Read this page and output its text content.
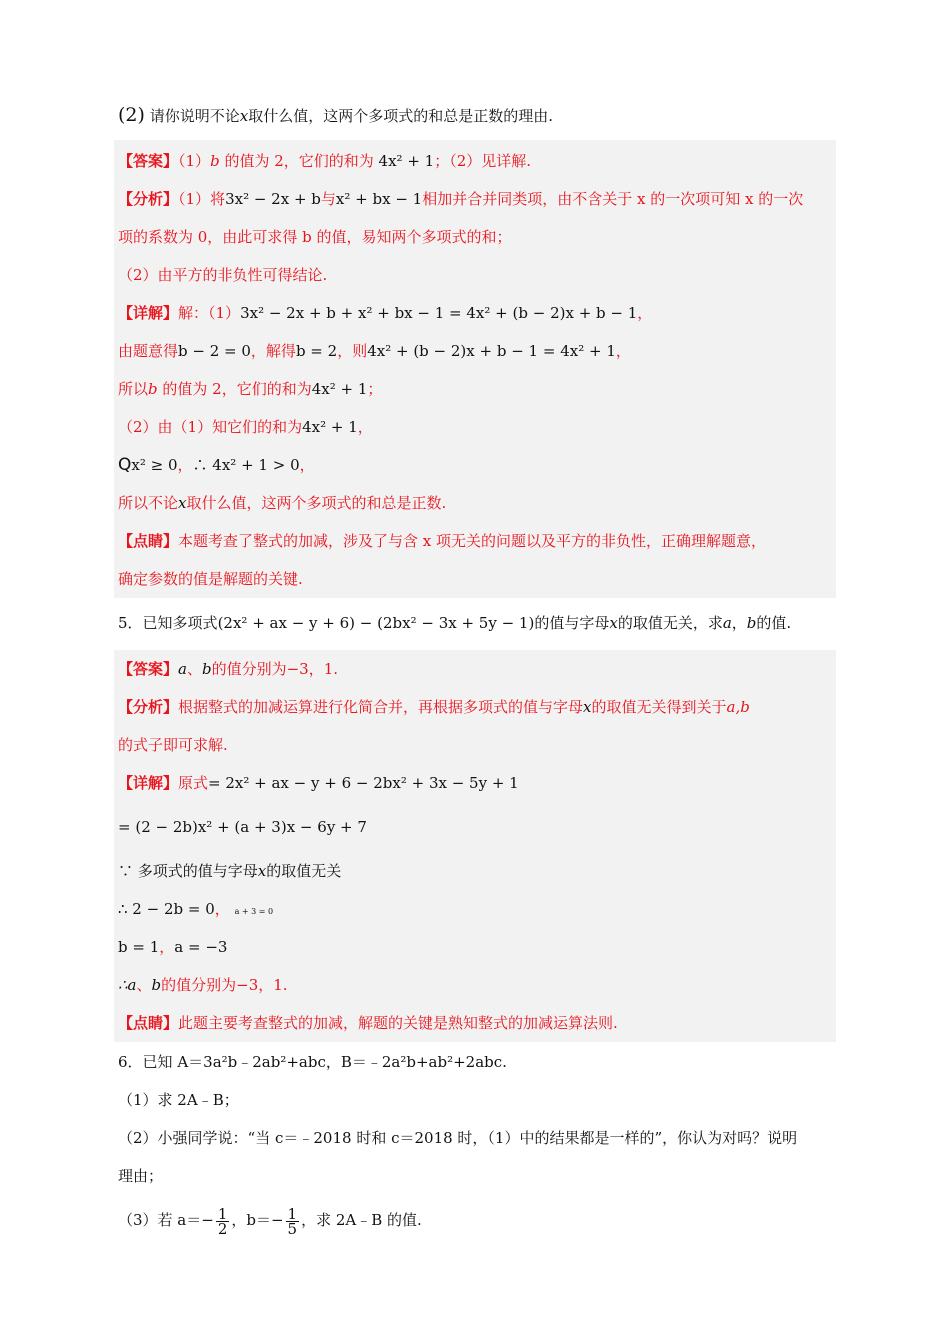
(2) 请你说明不论x取什么值，这两个多项式的和总是正数的理由.
【答案】（1）b 的值为 2，它们的和为 4x² + 1；（2）见详解.
【分析】（1）将3x² − 2x + b与x² + bx − 1相加并合并同类项，由不含关于 x 的一次项可知 x 的一次
项的系数为 0，由此可求得 b 的值，易知两个多项式的和；
（2）由平方的非负性可得结论.
【详解】解：（1）3x² − 2x + b + x² + bx − 1 = 4x² + (b − 2)x + b − 1，
由题意得b − 2 = 0，解得b = 2，则4x² + (b − 2)x + b − 1 = 4x² + 1，
所以b 的值为 2，它们的和为4x² + 1；
（2）由（1）知它们的和为4x² + 1，
Qx² ≥ 0，∴ 4x² + 1 > 0，
所以不论x取什么值，这两个多项式的和总是正数.
【点睛】本题考查了整式的加减，涉及了与含 x 项无关的问题以及平方的非负性，正确理解题意，
确定参数的值是解题的关键.
5．已知多项式(2x² + ax − y + 6) − (2bx² − 3x + 5y − 1)的值与字母x的取值无关，求a，b的值.
【答案】a、b的值分别为−3，1.
【分析】根据整式的加减运算进行化简合并，再根据多项式的值与字母x的取值无关得到关于a,b
的式子即可求解.
【详解】原式= 2x² + ax − y + 6 − 2bx² + 3x − 5y + 1
= (2 − 2b)x² + (a + 3)x − 6y + 7
∵ 多项式的值与字母x的取值无关
∴ 2 − 2b = 0， a + 3 = 0
b = 1，a = −3
∴a、b的值分别为−3，1.
【点睛】此题主要考查整式的加减，解题的关键是熟知整式的加减运算法则.
6．已知 A＝3a²b﹣2ab²+abc，B＝﹣2a²b+ab²+2abc.
（1）求 2A﹣B；
（2）小强同学说：“当 c＝﹣2018 时和 c＝2018 时，（1）中的结果都是一样的”，你认为对吗？说明
理由；
（3）若 $a=- \frac{1}{2}$ ，$b=- \frac{1}{5}$ ，求 2A﹣B 的值.
